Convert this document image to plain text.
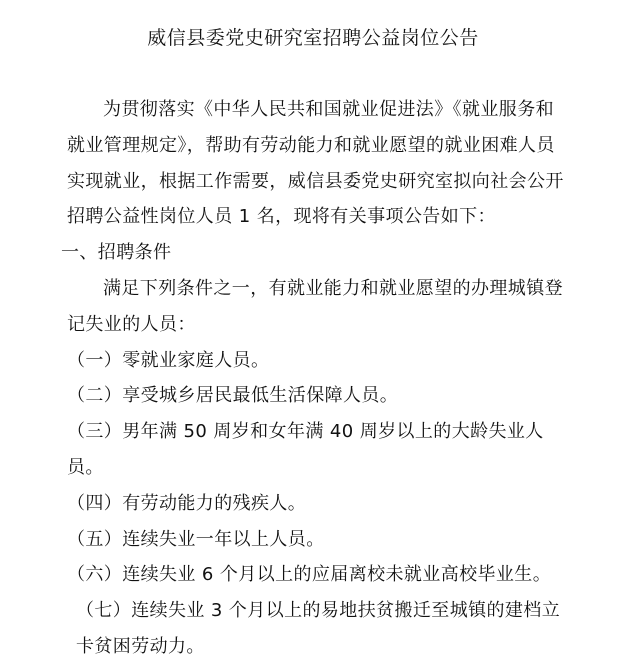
威信县委党史研究室招聘公益岗位公告

为贯彻落实《中华人民共和国就业促进法》《就业服务和就业管理规定》，帮助有劳动能力和就业愿望的就业困难人员实现就业，根据工作需要，威信县委党史研究室拟向社会公开招聘公益性岗位人员 1 名，现将有关事项公告如下：

一、招聘条件

满足下列条件之一，有就业能力和就业愿望的办理城镇登记失业的人员：

（一）零就业家庭人员。

（二）享受城乡居民最低生活保障人员。

（三）男年满 50 周岁和女年满 40 周岁以上的大龄失业人员。

（四）有劳动能力的残疾人。

（五）连续失业一年以上人员。

（六）连续失业 6 个月以上的应届离校未就业高校毕业生。

（七）连续失业 3 个月以上的易地扶贫搬迁至城镇的建档立卡贫困劳动力。
